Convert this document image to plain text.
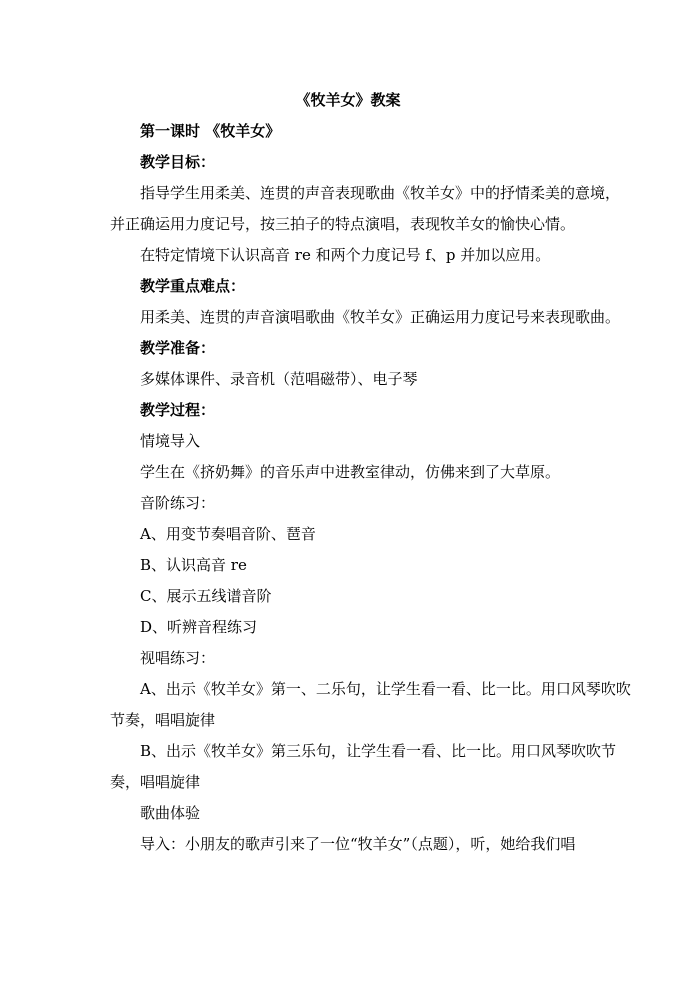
《牧羊女》教案

第一课时 《牧羊女》

教学目标：

指导学生用柔美、连贯的声音表现歌曲《牧羊女》中的抒情柔美的意境，并正确运用力度记号，按三拍子的特点演唱，表现牧羊女的愉快心情。

在特定情境下认识高音 re 和两个力度记号 f、p 并加以应用。

教学重点难点：

用柔美、连贯的声音演唱歌曲《牧羊女》正确运用力度记号来表现歌曲。

教学准备：

多媒体课件、录音机（范唱磁带）、电子琴

教学过程：

情境导入

学生在《挤奶舞》的音乐声中进教室律动，仿佛来到了大草原。

音阶练习：

A、用变节奏唱音阶、琶音

B、认识高音 re

C、展示五线谱音阶

D、听辨音程练习

视唱练习：

A、出示《牧羊女》第一、二乐句，让学生看一看、比一比。用口风琴吹吹节奏，唱唱旋律

B、出示《牧羊女》第三乐句，让学生看一看、比一比。用口风琴吹吹节奏，唱唱旋律

歌曲体验

导入：小朋友的歌声引来了一位“牧羊女”（点题），听，她给我们唱
